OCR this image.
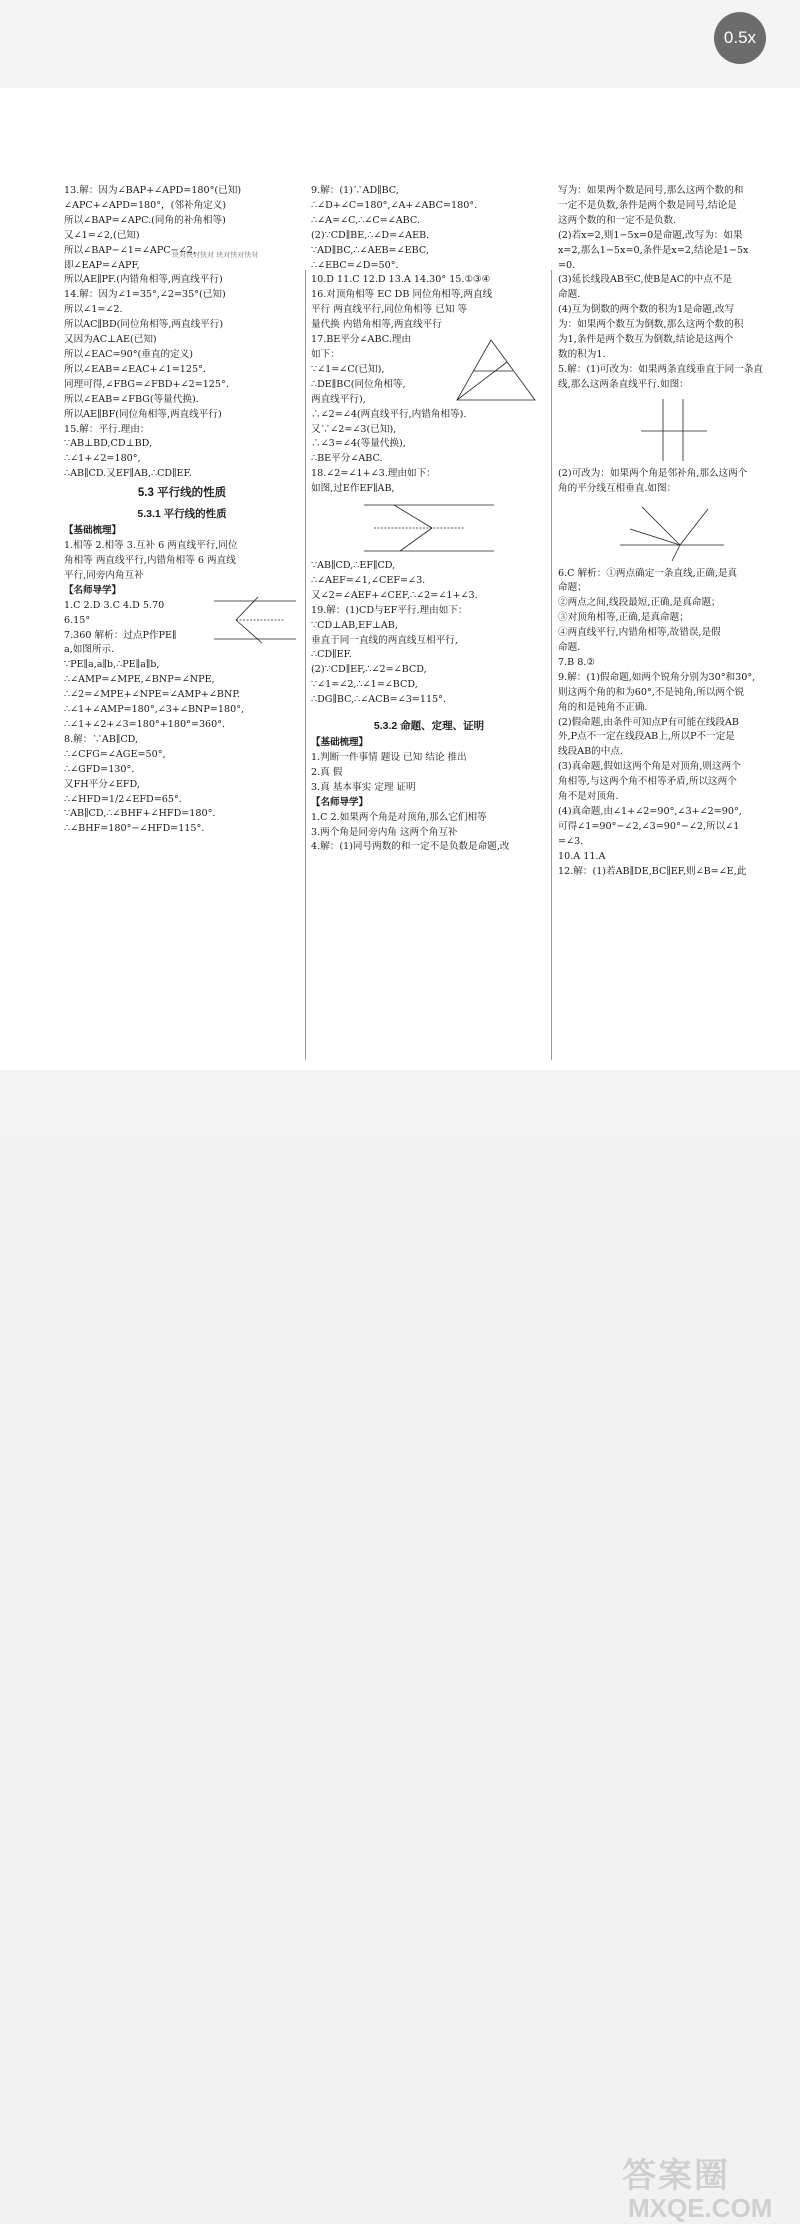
0.5x
块对快对快对 块对快对快对
13.解：因为∠BAP+∠APD=180°(已知)
∠APC+∠APD=180°，(邻补角定义)
所以∠BAP=∠APC.(同角的补角相等)
又∠1=∠2,(已知)
所以∠BAP−∠1=∠APC−∠2,
即∠EAP=∠APF,
所以AE∥PF.(内错角相等,两直线平行)
14.解：因为∠1=35°,∠2=35°(已知)
所以∠1=∠2.
所以AC∥BD(同位角相等,两直线平行)
又因为AC⊥AE(已知)
所以∠EAC=90°(垂直的定义)
所以∠EAB=∠EAC+∠1=125°.
同理可得,∠FBG=∠FBD+∠2=125°.
所以∠EAB=∠FBG(等量代换).
所以AE∥BF(同位角相等,两直线平行)
15.解：平行.理由：
∵AB⊥BD,CD⊥BD,
∴∠1+∠2=180°,
∴AB∥CD.又EF∥AB,∴CD∥EF.
5.3 平行线的性质
5.3.1 平行线的性质
【基础梳理】
1.相等 2.相等 3.互补 6 两直线平行,同位
角相等 两直线平行,内错角相等 6 两直线
平行,同旁内角互补
【名师导学】
1.C 2.D 3.C 4.D 5.70
6.15°
7.360 解析：过点P作PE∥
a,如图所示.
∵PE∥a,a∥b,∴PE∥a∥b,
∴∠AMP=∠MPE,∠BNP=∠NPE,
∴∠2=∠MPE+∠NPE=∠AMP+∠BNP.
∴∠1+∠AMP=180°,∠3+∠BNP=180°,
∴∠1+∠2+∠3=180°+180°=360°.
8.解：∵AB∥CD,
∴∠CFG=∠AGE=50°,
∴∠GFD=130°.
又FH平分∠EFD,
∴∠HFD=1/2∠EFD=65°.
∵AB∥CD,∴∠BHF+∠HFD=180°.
∴∠BHF=180°−∠HFD=115°.
9.解：(1)∵AD∥BC,
∴∠D+∠C=180°,∠A+∠ABC=180°.
∴∠A=∠C,∴∠C=∠ABC.
(2)∵CD∥BE,∴∠D=∠AEB.
∵AD∥BC,∴∠AEB=∠EBC,
∴∠EBC=∠D=50°.
10.D 11.C 12.D 13.A 14.30° 15.①③④
16.对顶角相等 EC DB 同位角相等,两直线
平行 两直线平行,同位角相等 已知 等
量代换 内错角相等,两直线平行
17.BE平分∠ABC.理由
如下：
∵∠1=∠C(已知),
∴DE∥BC(同位角相等,
两直线平行),
∴∠2=∠4(两直线平行,内错角相等).
又∵∠2=∠3(已知),
∴∠3=∠4(等量代换),
∴BE平分∠ABC.
18.∠2=∠1+∠3.理由如下：
如图,过E作EF∥AB,
∵AB∥CD,∴EF∥CD,
∴∠AEF=∠1,∠CEF=∠3.
又∠2=∠AEF+∠CEF,∴∠2=∠1+∠3.
19.解：(1)CD与EF平行.理由如下：
∵CD⊥AB,EF⊥AB,
垂直于同一直线的两直线互相平行,
∴CD∥EF.
(2)∵CD∥EF,∴∠2=∠BCD,
∵∠1=∠2,∴∠1=∠BCD,
∴DG∥BC,∴∠ACB=∠3=115°.
5.3.2 命题、定理、证明
【基础梳理】
1.判断一件事情 题设 已知 结论 推出
2.真 假
3.真 基本事实 定理 证明
【名师导学】
1.C 2.如果两个角是对顶角,那么它们相等
3.两个角是同旁内角 这两个角互补
4.解：(1)同号两数的和一定不是负数是命题,改
写为：如果两个数是同号,那么这两个数的和
一定不是负数,条件是两个数是同号,结论是
这两个数的和一定不是负数.
(2)若x=2,则1−5x=0是命题,改写为：如果
x=2,那么1−5x=0,条件是x=2,结论是1−5x
=0.
(3)延长线段AB至C,使B是AC的中点不是
命题.
(4)互为倒数的两个数的积为1是命题,改写
为：如果两个数互为倒数,那么这两个数的积
为1,条件是两个数互为倒数,结论是这两个
数的积为1.
5.解：(1)可改为：如果两条直线垂直于同一条直
线,那么这两条直线平行.如图：
(2)可改为：如果两个角是邻补角,那么这两个
角的平分线互相垂直.如图：
6.C 解析：①两点确定一条直线,正确,是真
命题；
②两点之间,线段最短,正确,是真命题；
③对顶角相等,正确,是真命题；
④两直线平行,内错角相等,故错误,是假
命题.
7.B 8.②
9.解：(1)假命题,如两个锐角分别为30°和30°,
则这两个角的和为60°,不是钝角,所以两个锐
角的和是钝角不正确.
(2)假命题,由条件可知点P有可能在线段AB
外,P点不一定在线段AB上,所以P不一定是
线段AB的中点.
(3)真命题,假如这两个角是对顶角,则这两个
角相等,与这两个角不相等矛盾,所以这两个
角不是对顶角.
(4)真命题,由∠1+∠2=90°,∠3+∠2=90°,
可得∠1=90°−∠2,∠3=90°−∠2,所以∠1
=∠3.
10.A 11.A
12.解：(1)若AB∥DE,BC∥EF,则∠B=∠E,此
答案圈
MXQE.COM
